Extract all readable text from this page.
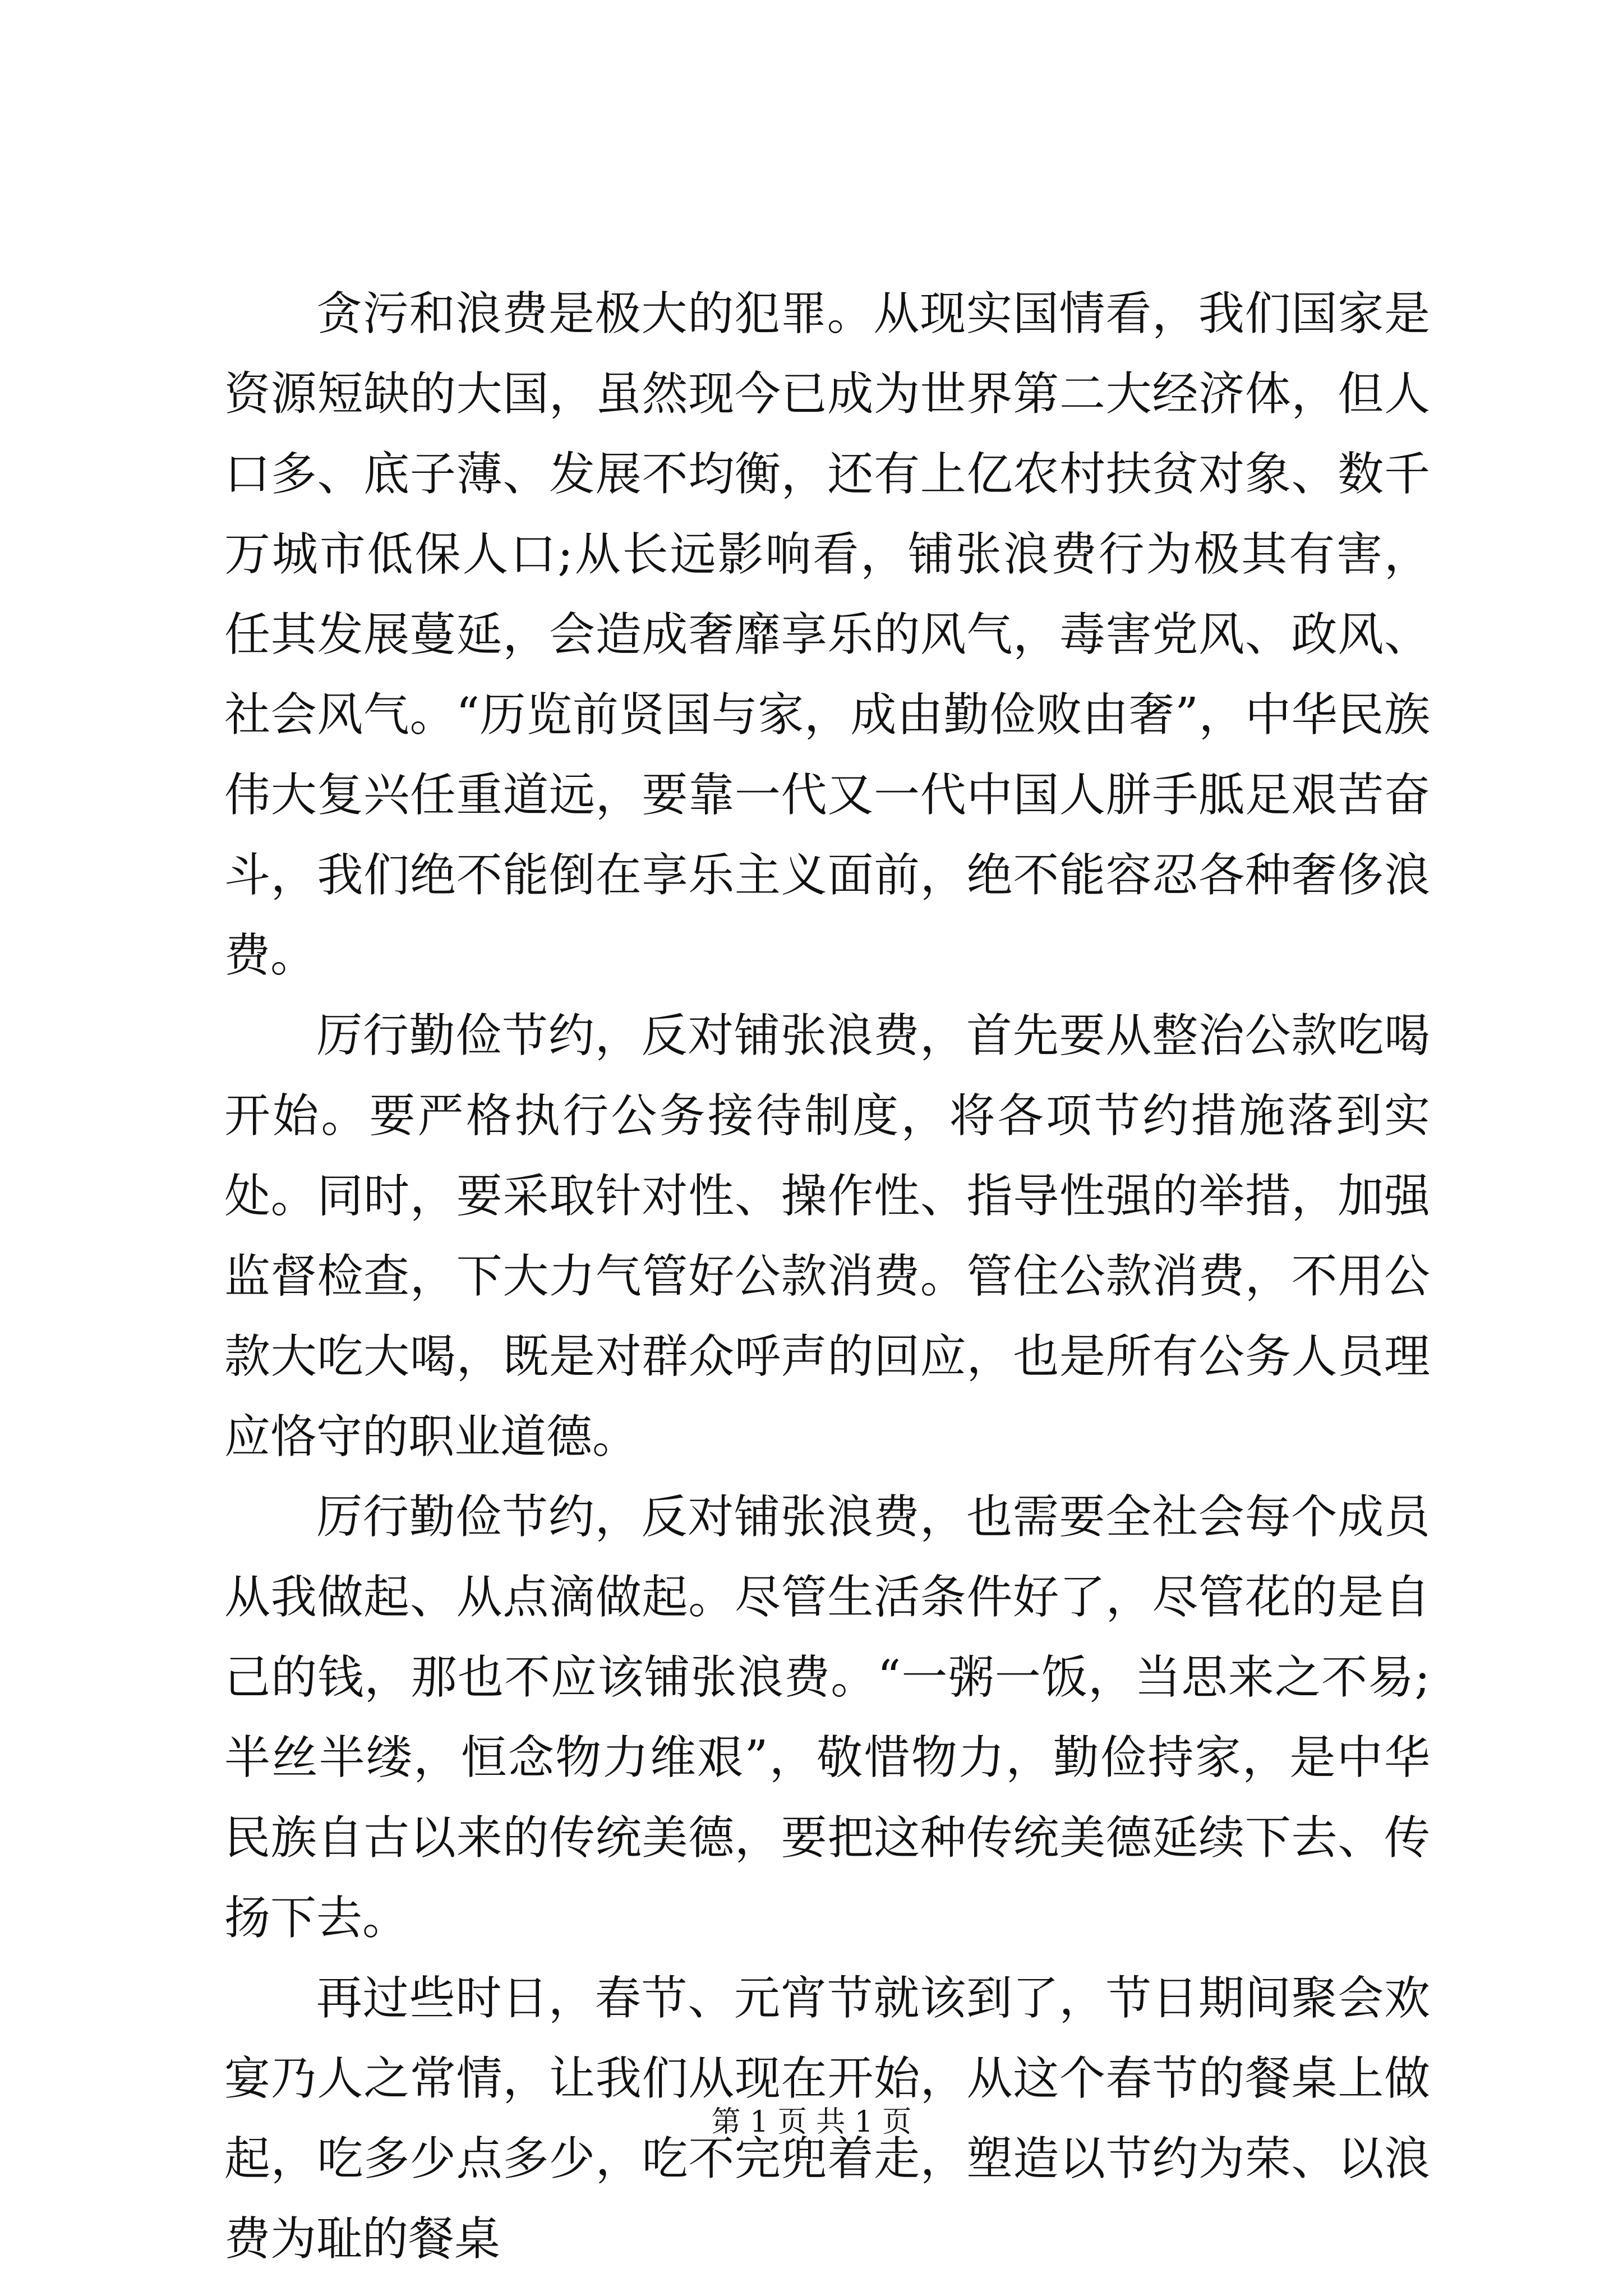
贪污和浪费是极大的犯罪。从现实国情看，我们国家是资源短缺的大国，虽然现今已成为世界第二大经济体，但人口多、底子薄、发展不均衡，还有上亿农村扶贫对象、数千万城市低保人口;从长远影响看，铺张浪费行为极其有害，任其发展蔓延，会造成奢靡享乐的风气，毒害党风、政风、社会风气。“历览前贤国与家，成由勤俭败由奢”，中华民族伟大复兴任重道远，要靠一代又一代中国人胼手胝足艰苦奋斗，我们绝不能倒在享乐主义面前，绝不能容忍各种奢侈浪费。

厉行勤俭节约，反对铺张浪费，首先要从整治公款吃喝开始。要严格执行公务接待制度，将各项节约措施落到实处。同时，要采取针对性、操作性、指导性强的举措，加强监督检查，下大力气管好公款消费。管住公款消费，不用公款大吃大喝，既是对群众呼声的回应，也是所有公务人员理应恪守的职业道德。

厉行勤俭节约，反对铺张浪费，也需要全社会每个成员从我做起、从点滴做起。尽管生活条件好了，尽管花的是自己的钱，那也不应该铺张浪费。“一粥一饭，当思来之不易;半丝半缕，恒念物力维艰”，敬惜物力，勤俭持家，是中华民族自古以来的传统美德，要把这种传统美德延续下去、传扬下去。

再过些时日，春节、元宵节就该到了，节日期间聚会欢宴乃人之常情，让我们从现在开始，从这个春节的餐桌上做起，吃多少点多少，吃不完兜着走，塑造以节约为荣、以浪费为耻的餐桌

第 1 页 共 1 页
